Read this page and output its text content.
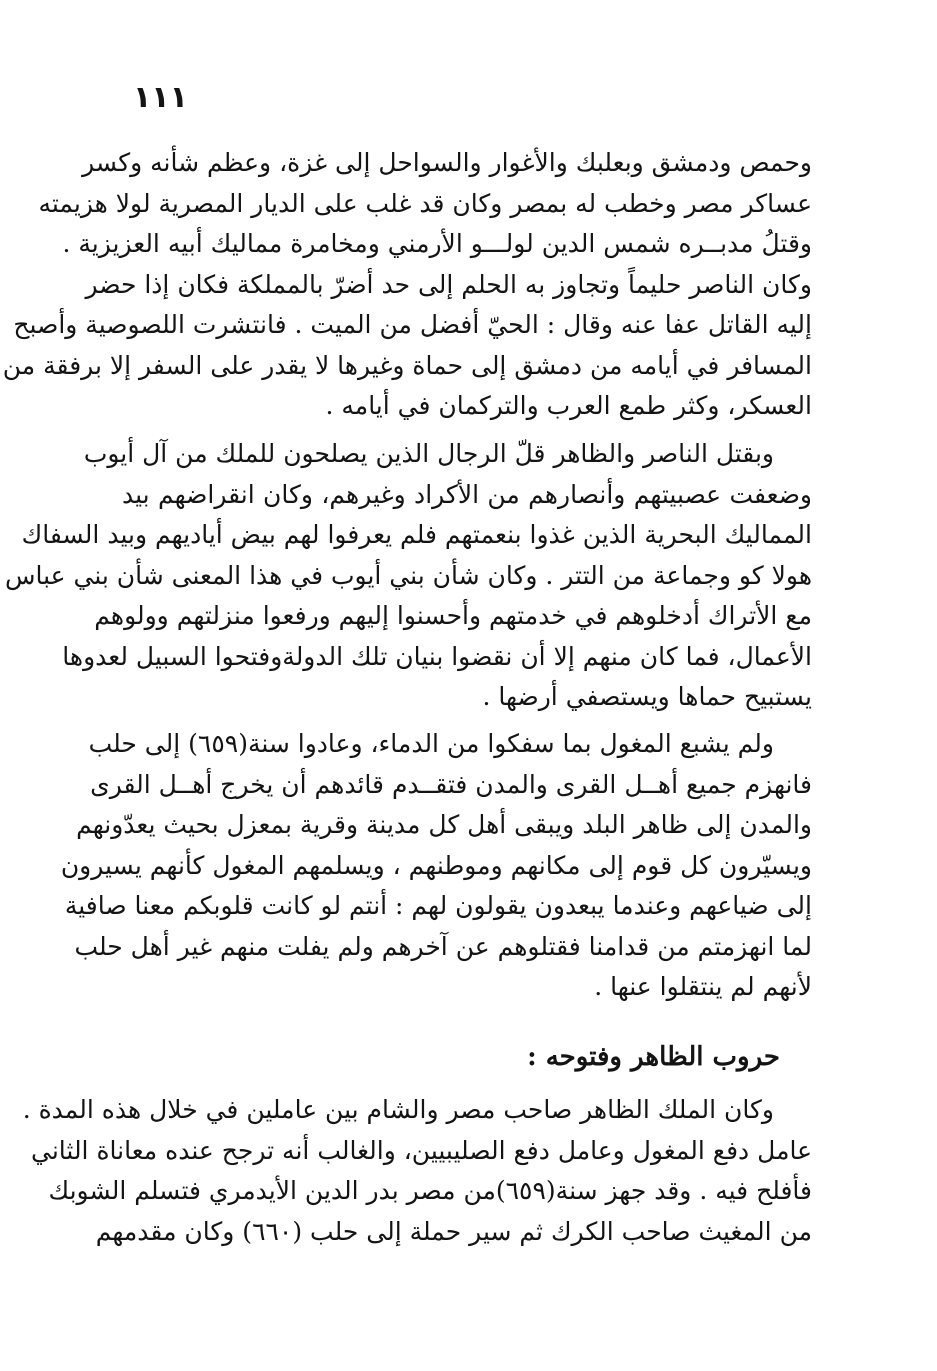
١١١
وحمص ودمشق وبعلبك والأغوار والسواحل إلى غزة، وعظم شأنه وكسر
عساكر مصر وخطب له بمصر وكان قد غلب على الديار المصرية لولا هزيمته
وقتلُ مدبــره شمس الدين لولـــو الأرمني ومخامرة مماليك أبيه العزيزية .
وكان الناصر حليماً وتجاوز به الحلم إلى حد أضرّ بالمملكة فكان إذا حضر
إليه القاتل عفا عنه وقال : الحيّ أفضل من الميت . فانتشرت اللصوصية وأصبح
المسافر في أيامه من دمشق إلى حماة وغيرها لا يقدر على السفر إلا برفقة من
العسكر، وكثر طمع العرب والتركمان في أيامه .
وبقتل الناصر والظاهر قلّ الرجال الذين يصلحون للملك من آل أيوب
وضعفت عصبيتهم وأنصارهم من الأكراد وغيرهم، وكان انقراضهم بيد
المماليك البحرية الذين غذوا بنعمتهم فلم يعرفوا لهم بيض أياديهم وبيد السفاك
هولا كو وجماعة من التتر . وكان شأن بني أيوب في هذا المعنى شأن بني عباس
مع الأتراك أدخلوهم في خدمتهم وأحسنوا إليهم ورفعوا منزلتهم وولوهم
الأعمال، فما كان منهم إلا أن نقضوا بنيان تلك الدولةوفتحوا السبيل لعدوها
يستبيح حماها ويستصفي أرضها .
ولم يشبع المغول بما سفكوا من الدماء، وعادوا سنة(٦٥٩) إلى حلب
فانهزم جميع أهــل القرى والمدن فتقــدم قائدهم أن يخرج أهــل القرى
والمدن إلى ظاهر البلد ويبقى أهل كل مدينة وقرية بمعزل بحيث يعدّونهم
ويسيّرون كل قوم إلى مكانهم وموطنهم ، ويسلمهم المغول كأنهم يسيرون
إلى ضياعهم وعندما يبعدون يقولون لهم : أنتم لو كانت قلوبكم معنا صافية
لما انهزمتم من قدامنا فقتلوهم عن آخرهم ولم يفلت منهم غير أهل حلب
لأنهم لم ينتقلوا عنها .
حروب الظاهر وفتوحه :
وكان الملك الظاهر صاحب مصر والشام بين عاملين في خلال هذه المدة .
عامل دفع المغول وعامل دفع الصليبيين، والغالب أنه ترجح عنده معاناة الثاني
فأفلح فيه . وقد جهز سنة(٦٥٩)من مصر بدر الدين الأيدمري فتسلم الشوبك
من المغيث صاحب الكرك ثم سير حملة إلى حلب (٦٦٠) وكان مقدمهم
